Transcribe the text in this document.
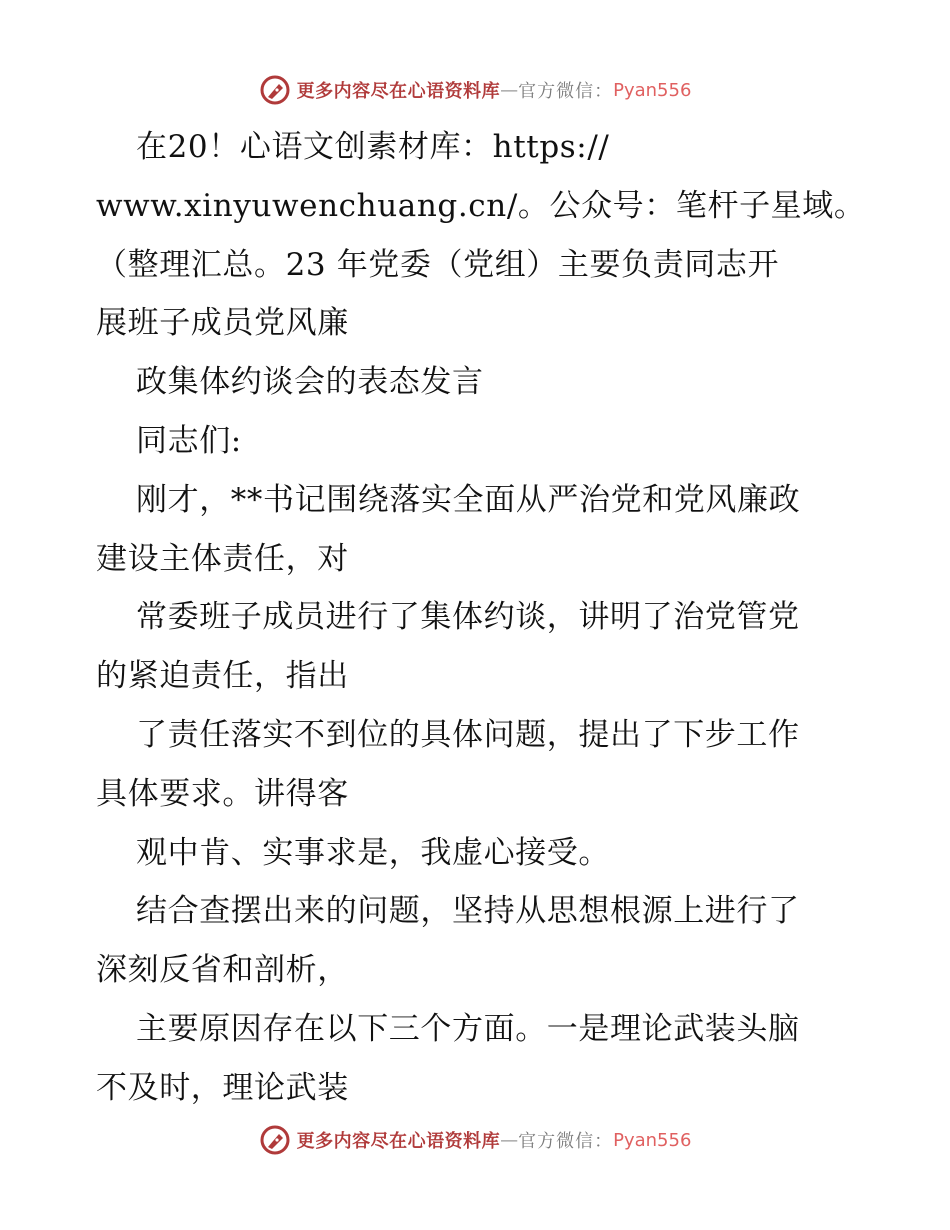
更多内容尽在心语资料库 — 官方微信： Pyan556
在20！心语文创素材库：https://
www.xinyuwenchuang.cn/。公众号：笔杆子星域。
（整理汇总。23 年党委（党组）主要负责同志开
展班子成员党风廉
政集体约谈会的表态发言
同志们:
刚才，**书记围绕落实全面从严治党和党风廉政
建设主体责任，对
常委班子成员进行了集体约谈，讲明了治党管党
的紧迫责任，指出
了责任落实不到位的具体问题，提出了下步工作
具体要求。讲得客
观中肯、实事求是，我虚心接受。
结合查摆出来的问题，坚持从思想根源上进行了
深刻反省和剖析，
主要原因存在以下三个方面。一是理论武装头脑
不及时，理论武装
更多内容尽在心语资料库 — 官方微信： Pyan556
